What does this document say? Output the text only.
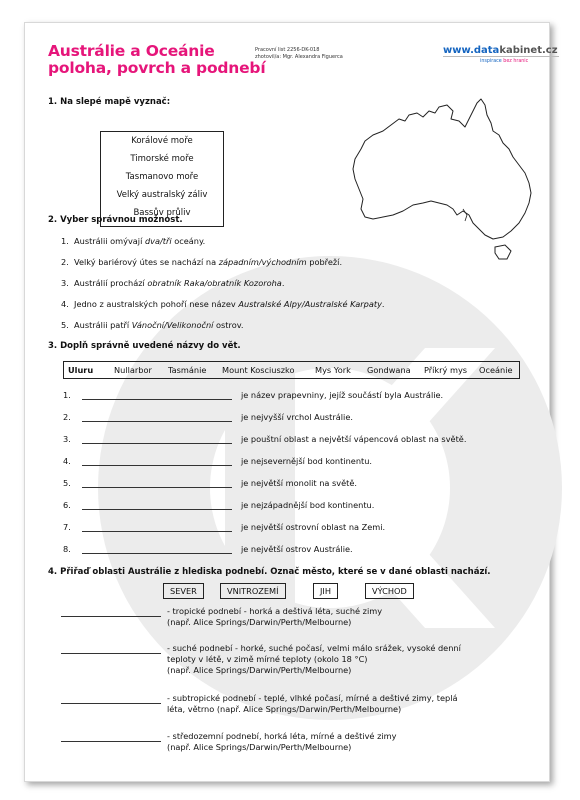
Austrálie a Oceánie
poloha, povrch a podnebí
Pracovní list 2256-DK-018
zhotovil/a: Mgr. Alexandra Figuerca
www.datakabinet.cz
inspirace bez hranic
1. Na slepé mapě vyznač:
Korálové moře
Timorské moře
Tasmanovo moře
Velký australský záliv
Bassův průliv
2. Vyber správnou možnost.
1. Austrálii omývají dva/tři oceány.
2. Velký bariérový útes se nachází na západním/východním pobřeží.
3. Austrálií prochází obratník Raka/obratník Kozoroha.
4. Jedno z australských pohoří nese název Australské Alpy/Australské Karpaty.
5. Austrálii patří Vánoční/Velikonoční ostrov.
3. Doplň správně uvedené názvy do vět.
Uluru	Nullarbor Tasmánie Mount Kosciuszko	Mys York Gondwana Příkrý mys Oceánie
1.	je název prapevniny, jejíž součástí byla Austrálie.
2.	je nejvyšší vrchol Austrálie.
3.	je pouštní oblast a největší vápencová oblast na světě.
4.	je nejsevernější bod kontinentu.
5.	je největší monolit na světě.
6.	je nejzápadnější bod kontinentu.
7.	je největší ostrovní oblast na Zemi.
8.	je největší ostrov Austrálie.
4. Přiřaď oblasti Austrálie z hlediska podnebí. Označ město, které se v dané oblasti nachází.
SEVER	VNITROZEMÍ	JIH	VÝCHOD
- tropické podnebí - horká a deštivá léta, suché zimy
(např. Alice Springs/Darwin/Perth/Melbourne)
- suché podnebí - horké, suché počasí, velmi málo srážek, vysoké denní
teploty v létě, v zimě mírné teploty (okolo 18 °C)
(např. Alice Springs/Darwin/Perth/Melbourne)
- subtropické podnebí - teplé, vlhké počasí, mírné a deštivé zimy, teplá
léta, větrno (např. Alice Springs/Darwin/Perth/Melbourne)
- středozemní podnebí, horká léta, mírné a deštivé zimy
(např. Alice Springs/Darwin/Perth/Melbourne)
